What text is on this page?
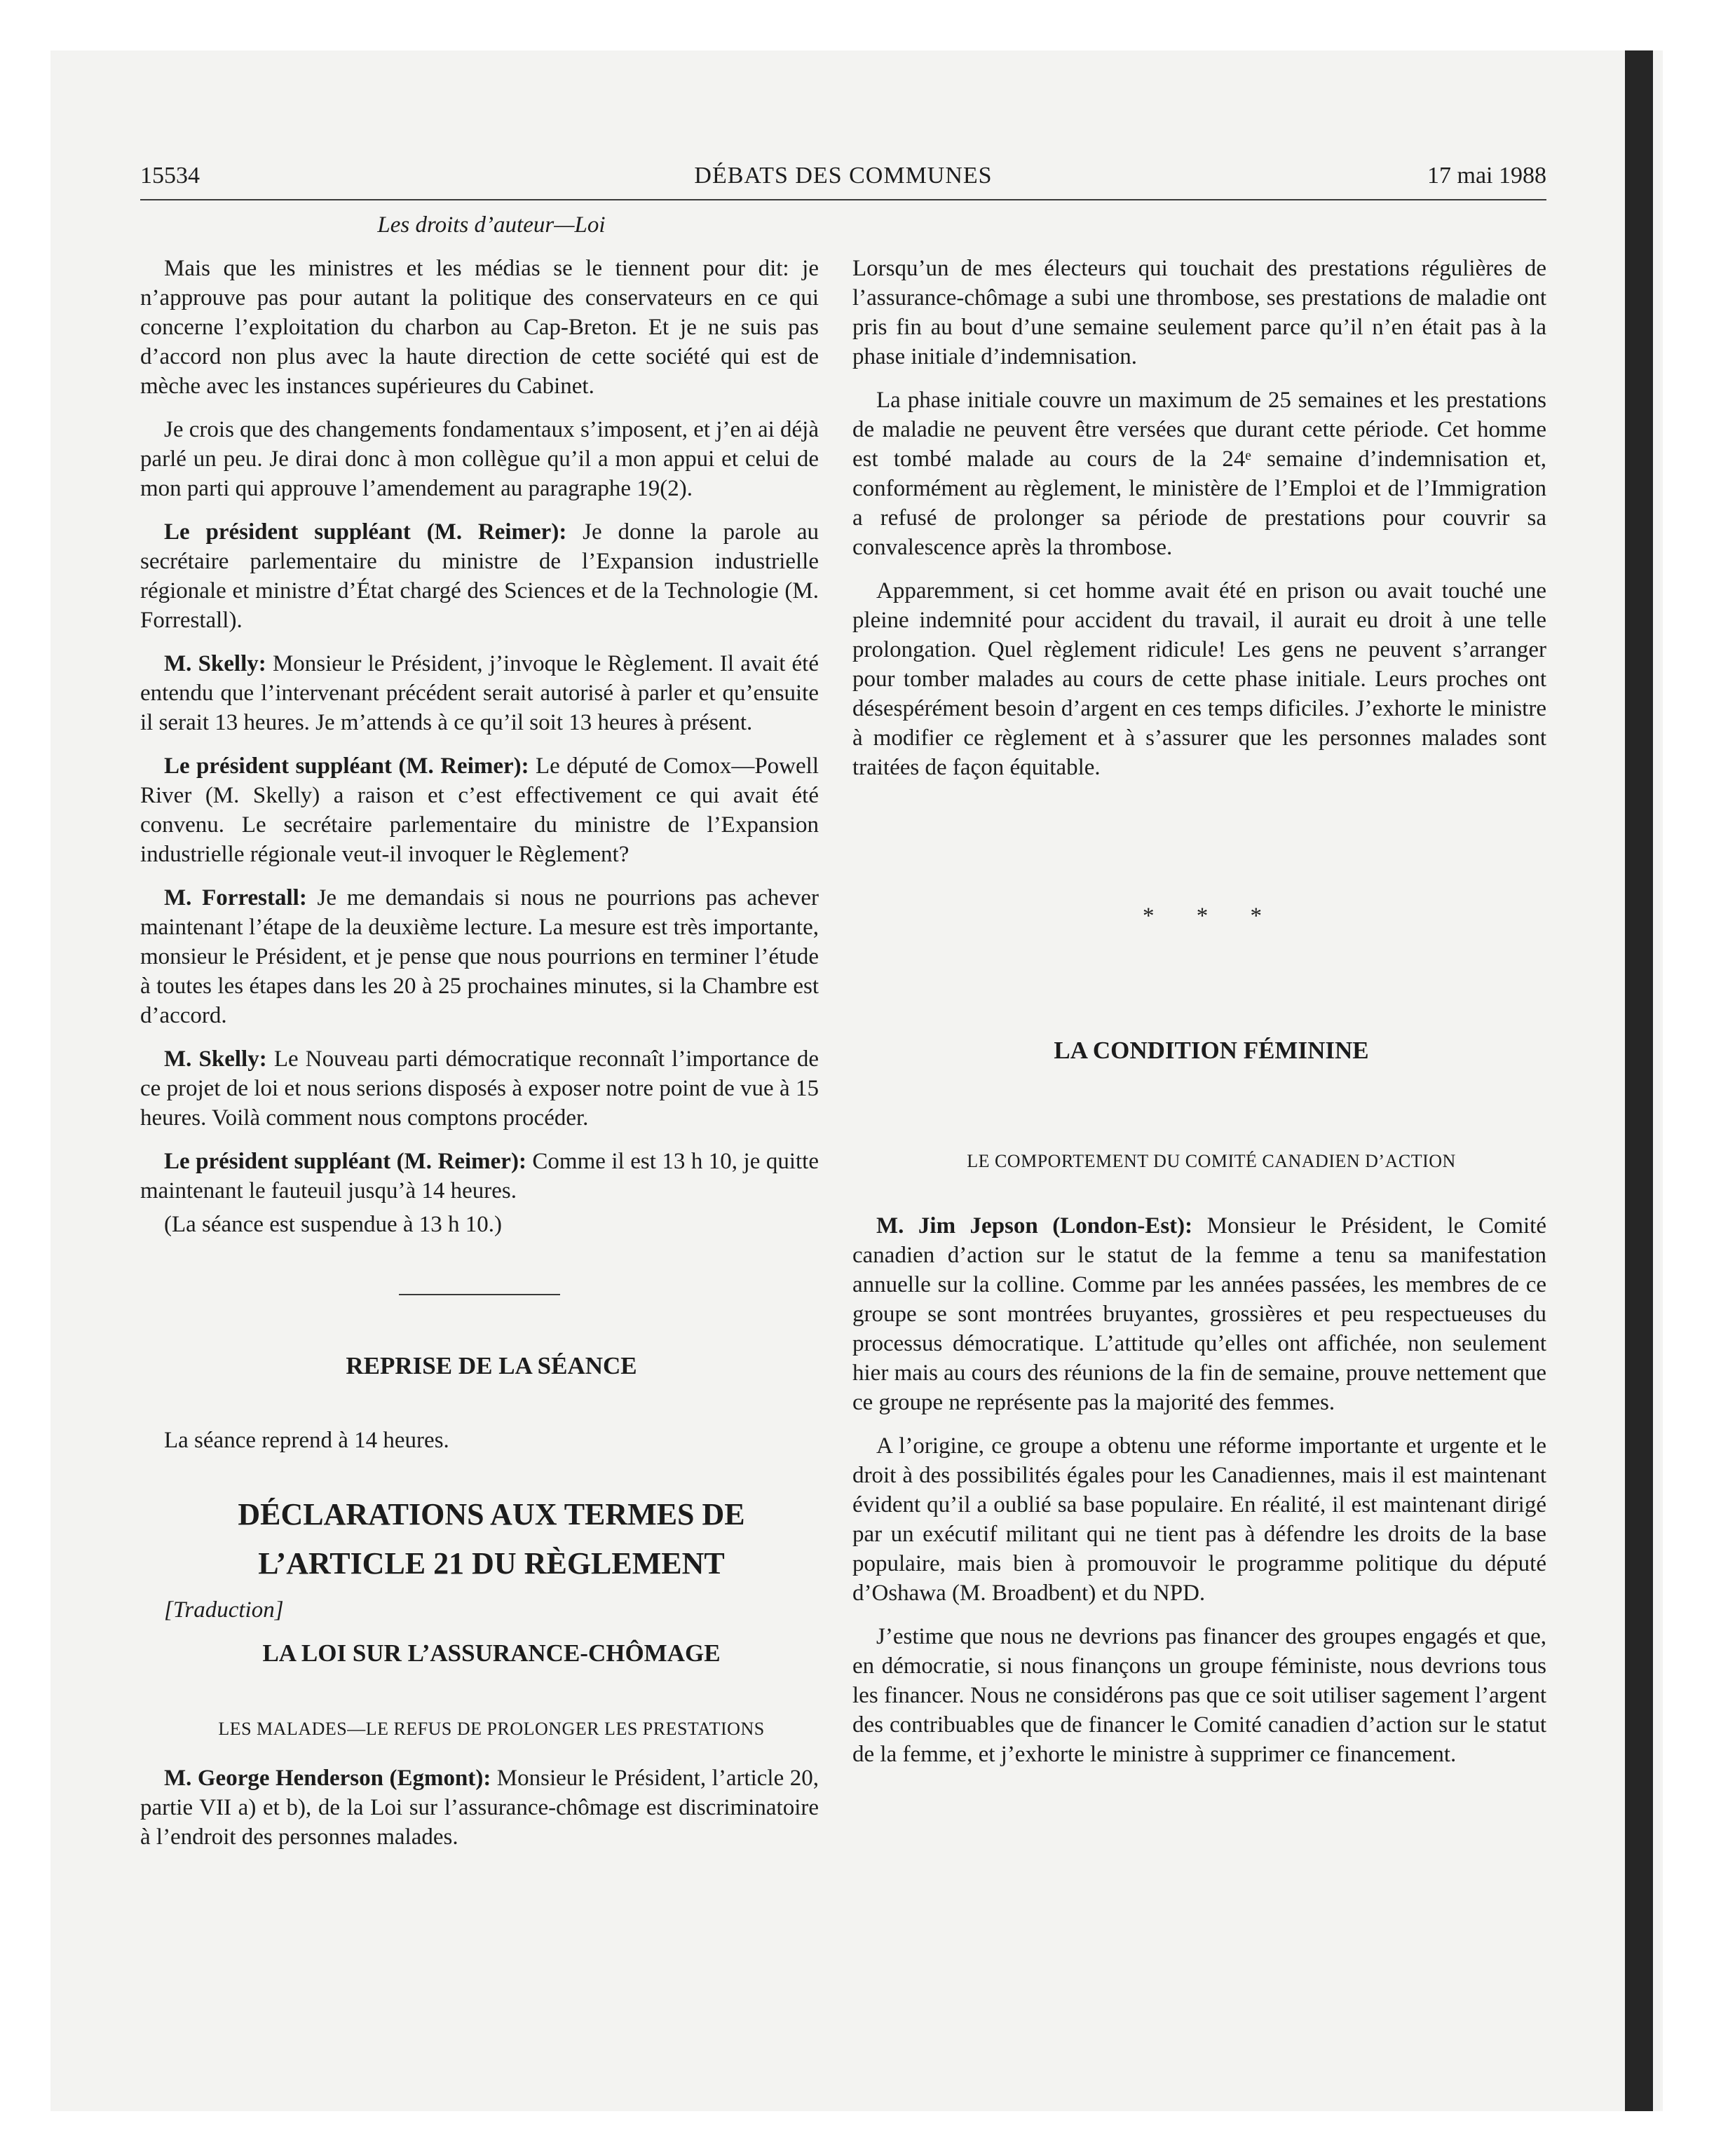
15534	DÉBATS DES COMMUNES	17 mai 1988

Les droits d’auteur—Loi

Mais que les ministres et les médias se le tiennent pour dit: je n’approuve pas pour autant la politique des conservateurs en ce qui concerne l’exploitation du charbon au Cap-Breton. Et je ne suis pas d’accord non plus avec la haute direction de cette société qui est de mèche avec les instances supérieures du Cabinet.

Je crois que des changements fondamentaux s’imposent, et j’en ai déjà parlé un peu. Je dirai donc à mon collègue qu’il a mon appui et celui de mon parti qui approuve l’amendement au paragraphe 19(2).

Le président suppléant (M. Reimer): Je donne la parole au secrétaire parlementaire du ministre de l’Expansion industrielle régionale et ministre d’État chargé des Sciences et de la Technologie (M. Forrestall).

M. Skelly: Monsieur le Président, j’invoque le Règlement. Il avait été entendu que l’intervenant précédent serait autorisé à parler et qu’ensuite il serait 13 heures. Je m’attends à ce qu’il soit 13 heures à présent.

Le président suppléant (M. Reimer): Le député de Comox—Powell River (M. Skelly) a raison et c’est effectivement ce qui avait été convenu. Le secrétaire parlementaire du ministre de l’Expansion industrielle régionale veut-il invoquer le Règlement?

M. Forrestall: Je me demandais si nous ne pourrions pas achever maintenant l’étape de la deuxième lecture. La mesure est très importante, monsieur le Président, et je pense que nous pourrions en terminer l’étude à toutes les étapes dans les 20 à 25 prochaines minutes, si la Chambre est d’accord.

M. Skelly: Le Nouveau parti démocratique reconnaît l’importance de ce projet de loi et nous serions disposés à exposer notre point de vue à 15 heures. Voilà comment nous comptons procéder.

Le président suppléant (M. Reimer): Comme il est 13 h 10, je quitte maintenant le fauteuil jusqu’à 14 heures.

(La séance est suspendue à 13 h 10.)

REPRISE DE LA SÉANCE

La séance reprend à 14 heures.

DÉCLARATIONS AUX TERMES DE

L’ARTICLE 21 DU RÈGLEMENT

[Traduction]

LA LOI SUR L’ASSURANCE-CHÔMAGE

LES MALADES—LE REFUS DE PROLONGER LES PRESTATIONS

M. George Henderson (Egmont): Monsieur le Président, l’article 20, partie VII a) et b), de la Loi sur l’assurance-chômage est discriminatoire à l’endroit des personnes malades.

Lorsqu’un de mes électeurs qui touchait des prestations régulières de l’assurance-chômage a subi une thrombose, ses prestations de maladie ont pris fin au bout d’une semaine seulement parce qu’il n’en était pas à la phase initiale d’indemnisation.

La phase initiale couvre un maximum de 25 semaines et les prestations de maladie ne peuvent être versées que durant cette période. Cet homme est tombé malade au cours de la 24ᵉ semaine d’indemnisation et, conformément au règlement, le ministère de l’Emploi et de l’Immigration a refusé de prolonger sa période de prestations pour couvrir sa convalescence après la thrombose.

Apparemment, si cet homme avait été en prison ou avait touché une pleine indemnité pour accident du travail, il aurait eu droit à une telle prolongation. Quel règlement ridicule! Les gens ne peuvent s’arranger pour tomber malades au cours de cette phase initiale. Leurs proches ont désespérément besoin d’argent en ces temps dificiles. J’exhorte le ministre à modifier ce règlement et à s’assurer que les personnes malades sont traitées de façon équitable.

* * *

LA CONDITION FÉMININE

LE COMPORTEMENT DU COMITÉ CANADIEN D’ACTION

M. Jim Jepson (London-Est): Monsieur le Président, le Comité canadien d’action sur le statut de la femme a tenu sa manifestation annuelle sur la colline. Comme par les années passées, les membres de ce groupe se sont montrées bruyantes, grossières et peu respectueuses du processus démocratique. L’attitude qu’elles ont affichée, non seulement hier mais au cours des réunions de la fin de semaine, prouve nettement que ce groupe ne représente pas la majorité des femmes.

A l’origine, ce groupe a obtenu une réforme importante et urgente et le droit à des possibilités égales pour les Canadiennes, mais il est maintenant évident qu’il a oublié sa base populaire. En réalité, il est maintenant dirigé par un exécutif militant qui ne tient pas à défendre les droits de la base populaire, mais bien à promouvoir le programme politique du député d’Oshawa (M. Broadbent) et du NPD.

J’estime que nous ne devrions pas financer des groupes engagés et que, en démocratie, si nous finançons un groupe féministe, nous devrions tous les financer. Nous ne considérons pas que ce soit utiliser sagement l’argent des contribuables que de financer le Comité canadien d’action sur le statut de la femme, et j’exhorte le ministre à supprimer ce financement.
